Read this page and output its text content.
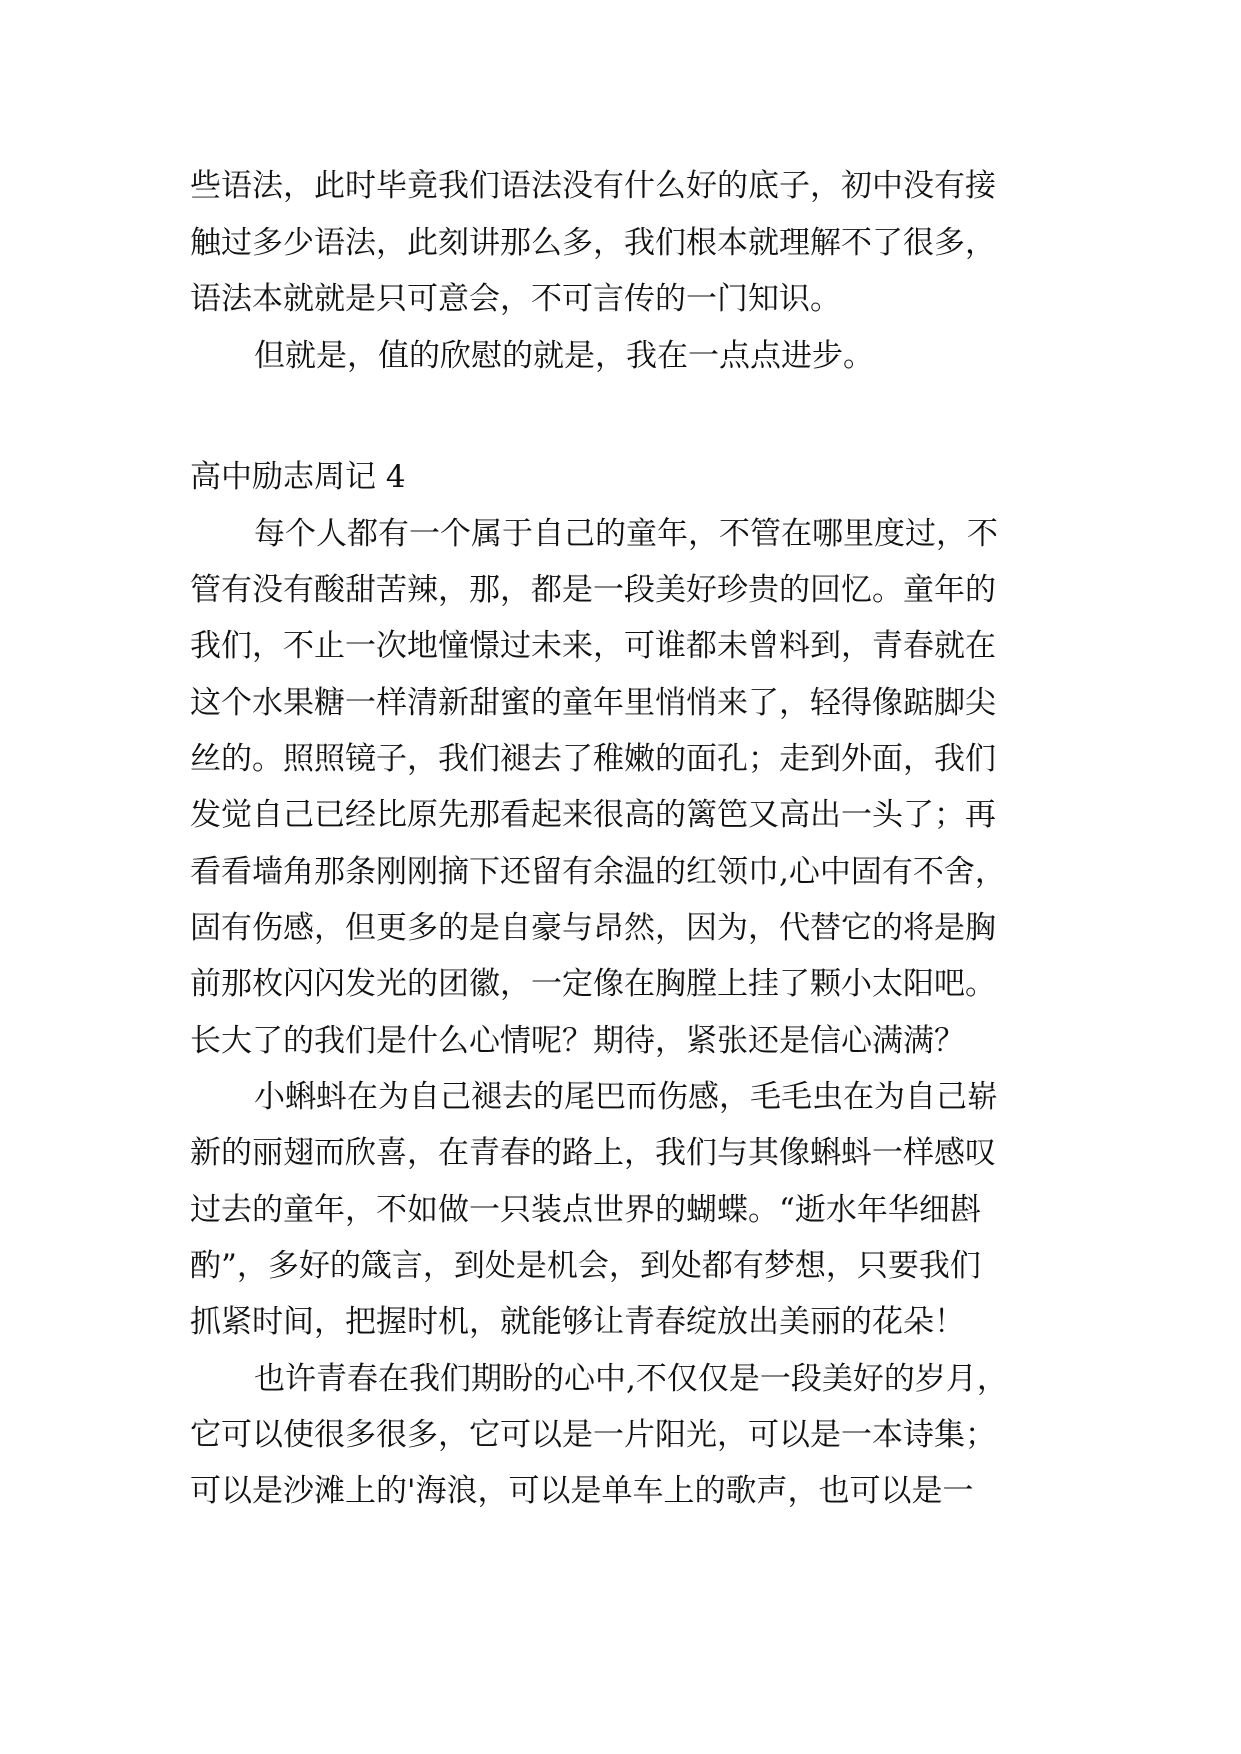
些语法，此时毕竟我们语法没有什么好的底子，初中没有接

触过多少语法，此刻讲那么多，我们根本就理解不了很多，

语法本就就是只可意会，不可言传的一门知识。

但就是，值的欣慰的就是，我在一点点进步。

高中励志周记 4

每个人都有一个属于自己的童年，不管在哪里度过，不

管有没有酸甜苦辣，那，都是一段美好珍贵的回忆。童年的

我们，不止一次地憧憬过未来，可谁都未曾料到，青春就在

这个水果糖一样清新甜蜜的童年里悄悄来了，轻得像踮脚尖

丝的。照照镜子，我们褪去了稚嫩的面孔；走到外面，我们

发觉自己已经比原先那看起来很高的篱笆又高出一头了；再

看看墙角那条刚刚摘下还留有余温的红领巾,心中固有不舍，

固有伤感，但更多的是自豪与昂然，因为，代替它的将是胸

前那枚闪闪发光的团徽，一定像在胸膛上挂了颗小太阳吧。

长大了的我们是什么心情呢？期待，紧张还是信心满满？

小蝌蚪在为自己褪去的尾巴而伤感，毛毛虫在为自己崭

新的丽翅而欣喜，在青春的路上，我们与其像蝌蚪一样感叹

过去的童年，不如做一只装点世界的蝴蝶。“逝水年华细斟

酌”，多好的箴言，到处是机会，到处都有梦想，只要我们

抓紧时间，把握时机，就能够让青春绽放出美丽的花朵！

也许青春在我们期盼的心中,不仅仅是一段美好的岁月，

它可以使很多很多，它可以是一片阳光，可以是一本诗集；

可以是沙滩上的'海浪，可以是单车上的歌声，也可以是一
